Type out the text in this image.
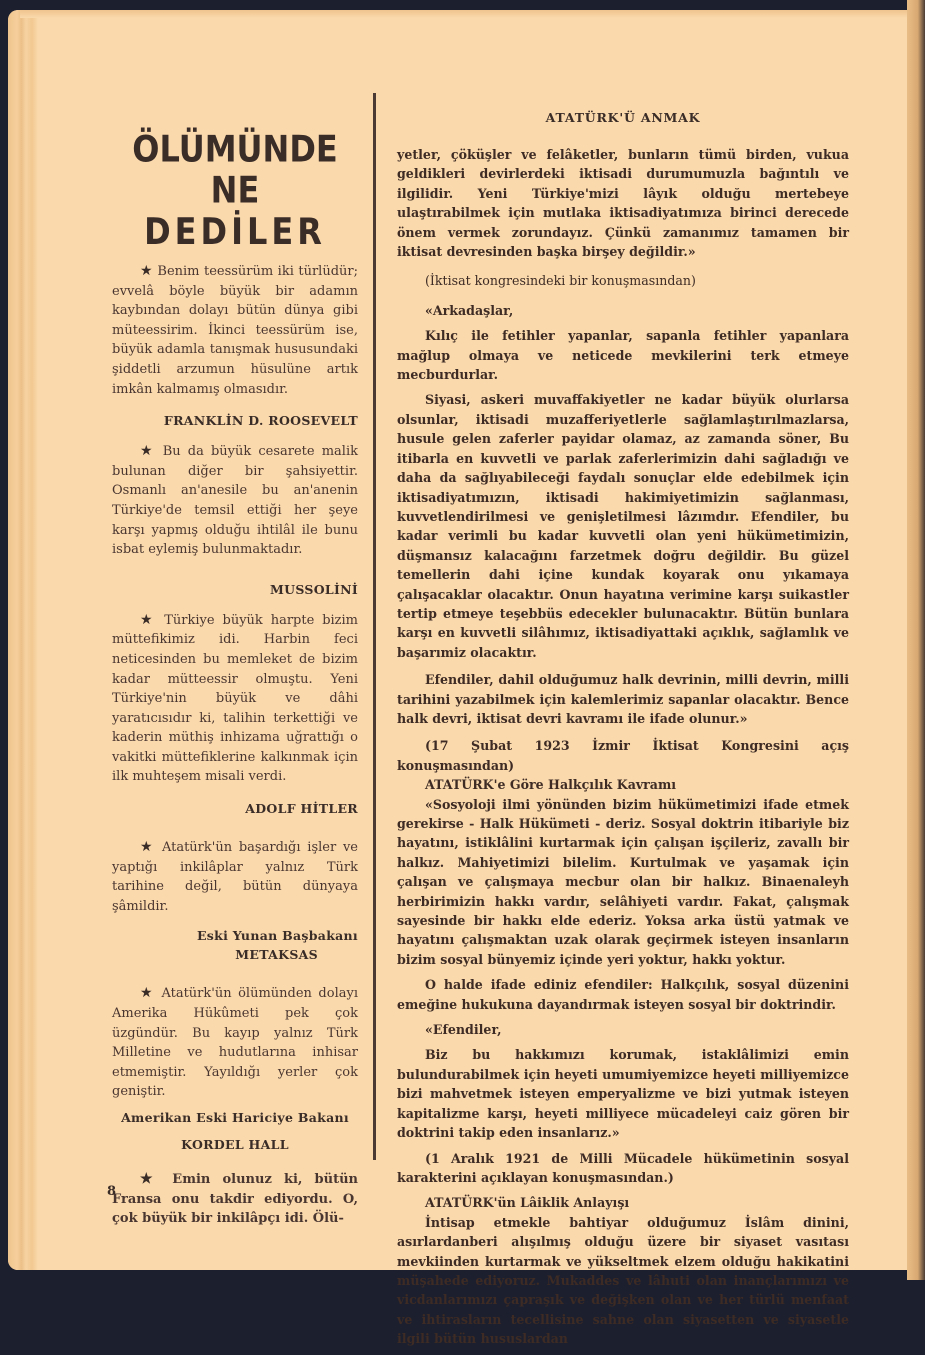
ÖLÜMÜNDE NE

DEDİLER

★ Benim teessürüm iki türlüdür; evvelâ böyle büyük bir adamın kaybından dolayı bütün dünya gibi müteessirim. İkinci teessürüm ise, büyük adamla tanışmak hususundaki şiddetli arzumun hüsulüne artık imkân kalmamış olmasıdır.

FRANKLİN D. ROOSEVELT

★ Bu da büyük cesarete malik bulunan diğer bir şahsiyettir. Osmanlı an'anesile bu an'anenin Türkiye'de temsil ettiği her şeye karşı yapmış olduğu ihtilâl ile bunu isbat eylemiş bulunmaktadır.

MUSSOLİNİ

★ Türkiye büyük harpte bizim müttefikimiz idi. Harbin feci neticesinden bu memleket de bizim kadar mütteessir olmuştu. Yeni Türkiye'nin büyük ve dâhi yaratıcısıdır ki, talihin terkettiği ve kaderin müthiş inhizama uğrattığı o vakitki müttefiklerine kalkınmak için ilk muhteşem misali verdi.

ADOLF HİTLER

★ Atatürk'ün başardığı işler ve yaptığı inkilâplar yalnız Türk tarihine değil, bütün dünyaya şâmildir.

Eski Yunan Başbakanı
METAKSAS

★ Atatürk'ün ölümünden dolayı Amerika Hükûmeti pek çok üzgündür. Bu kayıp yalnız Türk Milletine ve hudutlarına inhisar etmemiştir. Yayıldığı yerler çok geniştir.

Amerikan Eski Hariciye Bakanı
KORDEL HALL

★ Emin olunuz ki, bütün Fransa onu takdir ediyordu. O, çok büyük bir inkilâpçı idi. Ölü-

ATATÜRK'Ü ANMAK

yetler, çöküşler ve felâketler, bunların tümü birden, vukua geldikleri devirlerdeki iktisadi durumumuzla bağıntılı ve ilgilidir. Yeni Türkiye'mizi lâyık olduğu mertebeye ulaştırabilmek için mutlaka iktisadiyatımıza birinci derecede önem vermek zorundayız. Çünkü zamanımız tamamen bir iktisat devresinden başka birşey değildir.»

(İktisat kongresindeki bir konuşmasından)

«Arkadaşlar,

Kılıç ile fetihler yapanlar, sapanla fetihler yapanlara mağlup olmaya ve neticede mevkilerini terk etmeye mecburdurlar.

Siyasi, askeri muvaffakiyetler ne kadar büyük olurlarsa olsunlar, iktisadi muzafferiyetlerle sağlamlaştırılmazlarsa, husule gelen zaferler payidar olamaz, az zamanda söner, Bu itibarla en kuvvetli ve parlak zaferlerimizin dahi sağladığı ve daha da sağlıyabileceği faydalı sonuçlar elde edebilmek için iktisadiyatımızın, iktisadi hakimiyetimizin sağlanması, kuvvetlendirilmesi ve genişletilmesi lâzımdır. Efendiler, bu kadar verimli bu kadar kuvvetli olan yeni hükümetimizin, düşmansız kalacağını farzetmek doğru değildir. Bu güzel temellerin dahi içine kundak koyarak onu yıkamaya çalışacaklar olacaktır. Onun hayatına verimine karşı suikastler tertip etmeye teşebbüs edecekler bulunacaktır. Bütün bunlara karşı en kuvvetli silâhımız, iktisadiyattaki açıklık, sağlamlık ve başarımiz olacaktır.

Efendiler, dahil olduğumuz halk devrinin, milli devrin, milli tarihini yazabilmek için kalemlerimiz sapanlar olacaktır. Bence halk devri, iktisat devri kavramı ile ifade olunur.»

(17 Şubat 1923 İzmir İktisat Kongresini açış konuşmasından)

ATATÜRK'e Göre Halkçılık Kavramı

«Sosyoloji ilmi yönünden bizim hükümetimizi ifade etmek gerekirse - Halk Hükümeti - deriz. Sosyal doktrin itibariyle biz hayatını, istiklâlini kurtarmak için çalışan işçileriz, zavallı bir halkız. Mahiyetimizi bilelim. Kurtulmak ve yaşamak için çalışan ve çalışmaya mecbur olan bir halkız. Binaenaleyh herbirimizin hakkı vardır, selâhiyeti vardır. Fakat, çalışmak sayesinde bir hakkı elde ederiz. Yoksa arka üstü yatmak ve hayatını çalışmaktan uzak olarak geçirmek isteyen insanların bizim sosyal bünyemiz içinde yeri yoktur, hakkı yoktur.

O halde ifade ediniz efendiler: Halkçılık, sosyal düzenini emeğine hukukuna dayandırmak isteyen sosyal bir doktrindir.

«Efendiler,

Biz bu hakkımızı korumak, istaklâlimizi emin bulundurabilmek için heyeti umumiyemizce heyeti milliyemizce bizi mahvetmek isteyen emperyalizme ve bizi yutmak isteyen kapitalizme karşı, heyeti milliyece mücadeleyi caiz gören bir doktrini takip eden insanlarız.»

(1 Aralık 1921 de Milli Mücadele hükümetinin sosyal karakterini açıklayan konuşmasından.)

ATATÜRK'ün Lâiklik Anlayışı

İntisap etmekle bahtiyar olduğumuz İslâm dinini, asırlardanberi alışılmış olduğu üzere bir siyaset vasıtası mevkiinden kurtarmak ve yükseltmek elzem olduğu hakikatini müşahede ediyoruz. Mukaddes ve lâhuti olan inançlarımızı ve vicdanlarımızı çapraşık ve değişken olan ve her türlü menfaat ve ihtirasların tecellisine sahne olan siyasetten ve siyasetle ilgili bütün hususlardan

8
